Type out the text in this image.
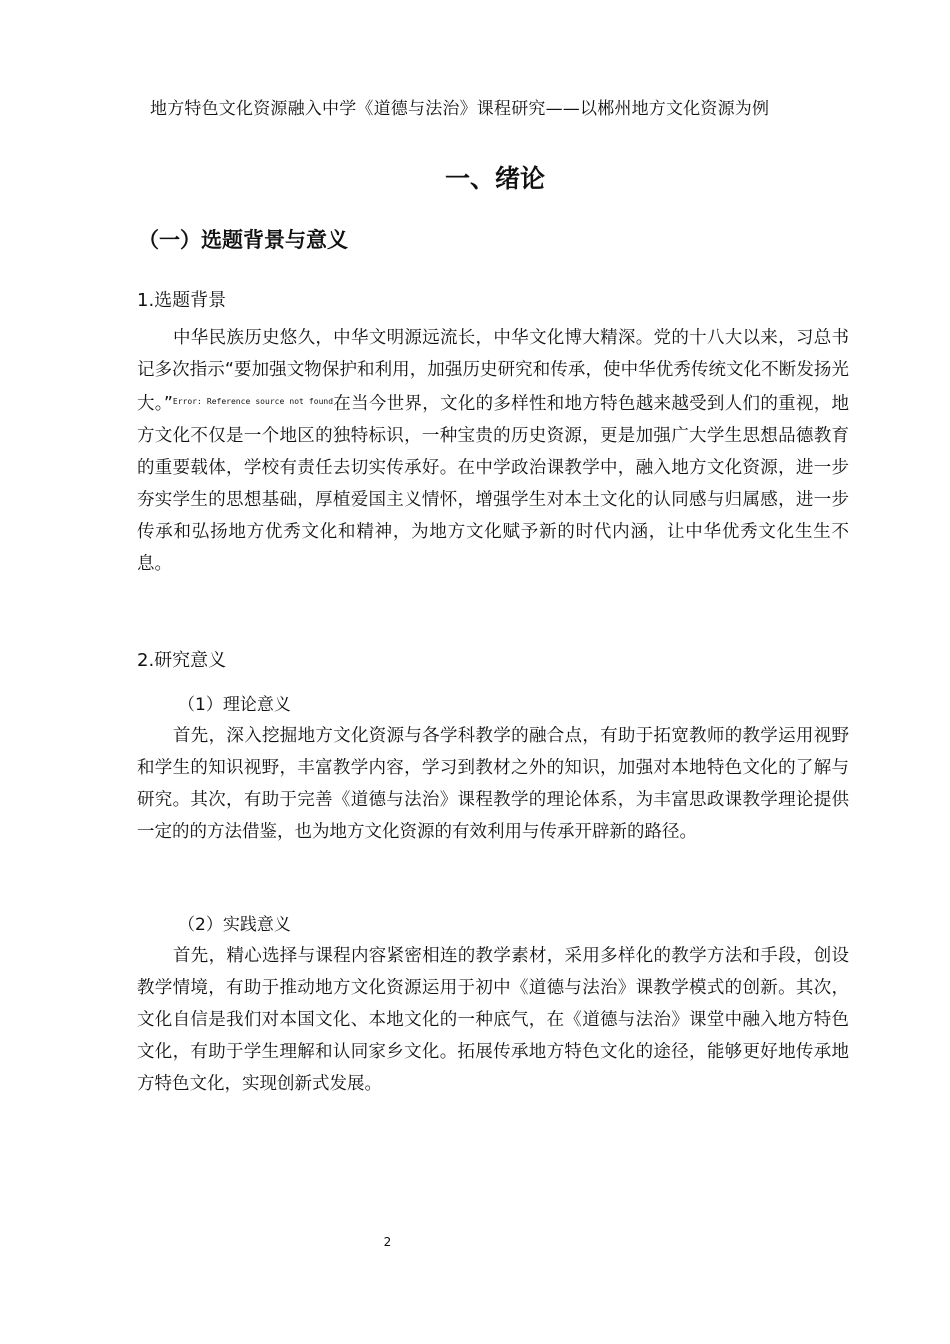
地方特色文化资源融入中学《道德与法治》课程研究——以郴州地方文化资源为例
一、绪论
（一）选题背景与意义
1.选题背景

中华民族历史悠久，中华文明源远流长，中华文化博大精深。党的十八大以来，习总书记多次指示“要加强文物保护和利用，加强历史研究和传承，使中华优秀传统文化不断发扬光大。”$^{Error: Reference source not found}$在当今世界，文化的多样性和地方特色越来越受到人们的重视，地方文化不仅是一个地区的独特标识，一种宝贵的历史资源，更是加强广大学生思想品德教育的重要载体，学校有责任去切实传承好。在中学政治课教学中，融入地方文化资源，进一步夯实学生的思想基础，厚植爱国主义情怀，增强学生对本土文化的认同感与归属感，进一步传承和弘扬地方优秀文化和精神，为地方文化赋予新的时代内涵，让中华优秀文化生生不息。

2.研究意义
（1）理论意义

首先，深入挖掘地方文化资源与各学科教学的融合点，有助于拓宽教师的教学运用视野和学生的知识视野，丰富教学内容，学习到教材之外的知识，加强对本地特色文化的了解与研究。其次，有助于完善《道德与法治》课程教学的理论体系，为丰富思政课教学理论提供一定的的方法借鉴，也为地方文化资源的有效利用与传承开辟新的路径。

（2）实践意义

首先，精心选择与课程内容紧密相连的教学素材，采用多样化的教学方法和手段，创设教学情境，有助于推动地方文化资源运用于初中《道德与法治》课教学模式的创新。其次，文化自信是我们对本国文化、本地文化的一种底气，在《道德与法治》课堂中融入地方特色文化，有助于学生理解和认同家乡文化。拓展传承地方特色文化的途径，能够更好地传承地方特色文化，实现创新式发展。

2
